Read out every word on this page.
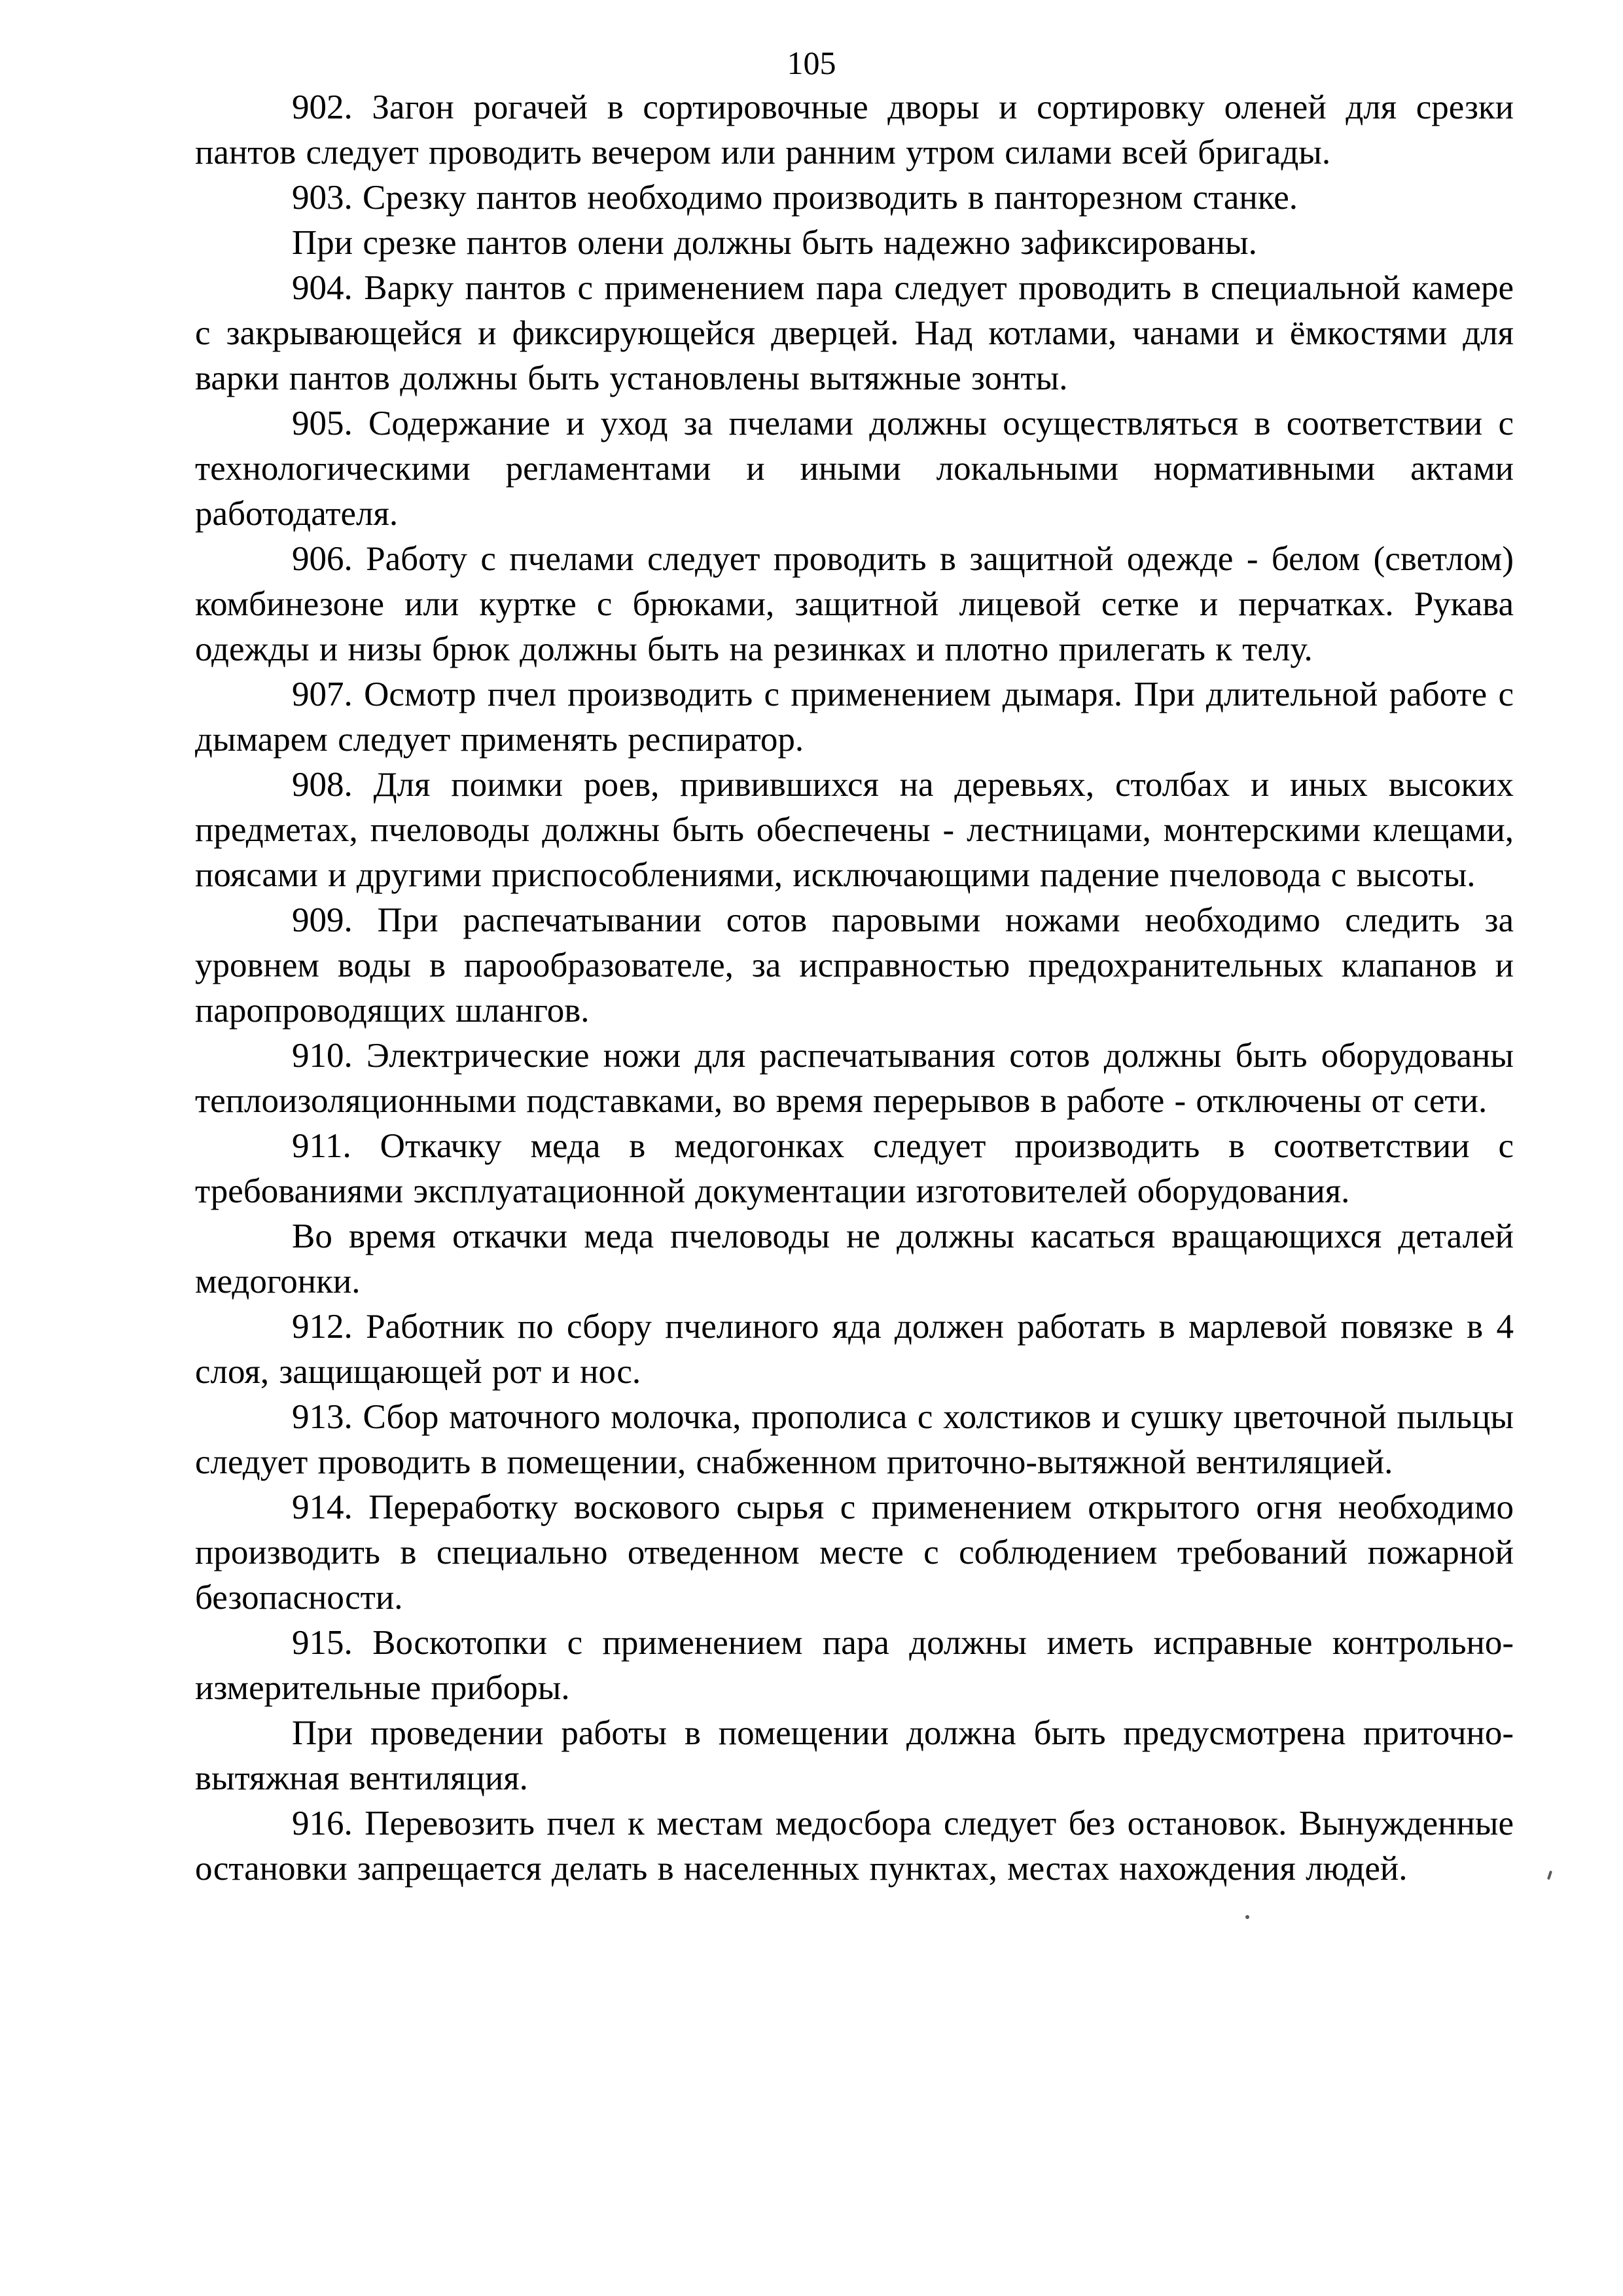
105

902. Загон рогачей в сортировочные дворы и сортировку оленей для срезки пантов следует проводить вечером или ранним утром силами всей бригады.

903. Срезку пантов необходимо производить в панторезном станке.

При срезке пантов олени должны быть надежно зафиксированы.

904. Варку пантов с применением пара следует проводить в специальной камере с закрывающейся и фиксирующейся дверцей. Над котлами, чанами и ёмкостями для варки пантов должны быть установлены вытяжные зонты.

905. Содержание и уход за пчелами должны осуществляться в соответствии с технологическими регламентами и иными локальными нормативными актами работодателя.

906. Работу с пчелами следует проводить в защитной одежде - белом (светлом) комбинезоне или куртке с брюками, защитной лицевой сетке и перчатках. Рукава одежды и низы брюк должны быть на резинках и плотно прилегать к телу.

907. Осмотр пчел производить с применением дымаря. При длительной работе с дымарем следует применять респиратор.

908. Для поимки роев, привившихся на деревьях, столбах и иных высоких предметах, пчеловоды должны быть обеспечены - лестницами, монтерскими клещами, поясами и другими приспособлениями, исключающими падение пчеловода с высоты.

909. При распечатывании сотов паровыми ножами необходимо следить за уровнем воды в парообразователе, за исправностью предохранительных клапанов и паропроводящих шлангов.

910. Электрические ножи для распечатывания сотов должны быть оборудованы теплоизоляционными подставками, во время перерывов в работе - отключены от сети.

911. Откачку меда в медогонках следует производить в соответствии с требованиями эксплуатационной документации изготовителей оборудования.

Во время откачки меда пчеловоды не должны касаться вращающихся деталей медогонки.

912. Работник по сбору пчелиного яда должен работать в марлевой повязке в 4 слоя, защищающей рот и нос.

913. Сбор маточного молочка, прополиса с холстиков и сушку цветочной пыльцы следует проводить в помещении, снабженном приточно-вытяжной вентиляцией.

914. Переработку воскового сырья с применением открытого огня необходимо производить в специально отведенном месте с соблюдением требований пожарной безопасности.

915. Воскотопки с применением пара должны иметь исправные контрольно-измерительные приборы.

При проведении работы в помещении должна быть предусмотрена приточно-вытяжная вентиляция.

916. Перевозить пчел к местам медосбора следует без остановок. Вынужденные остановки запрещается делать в населенных пунктах, местах нахождения людей.
